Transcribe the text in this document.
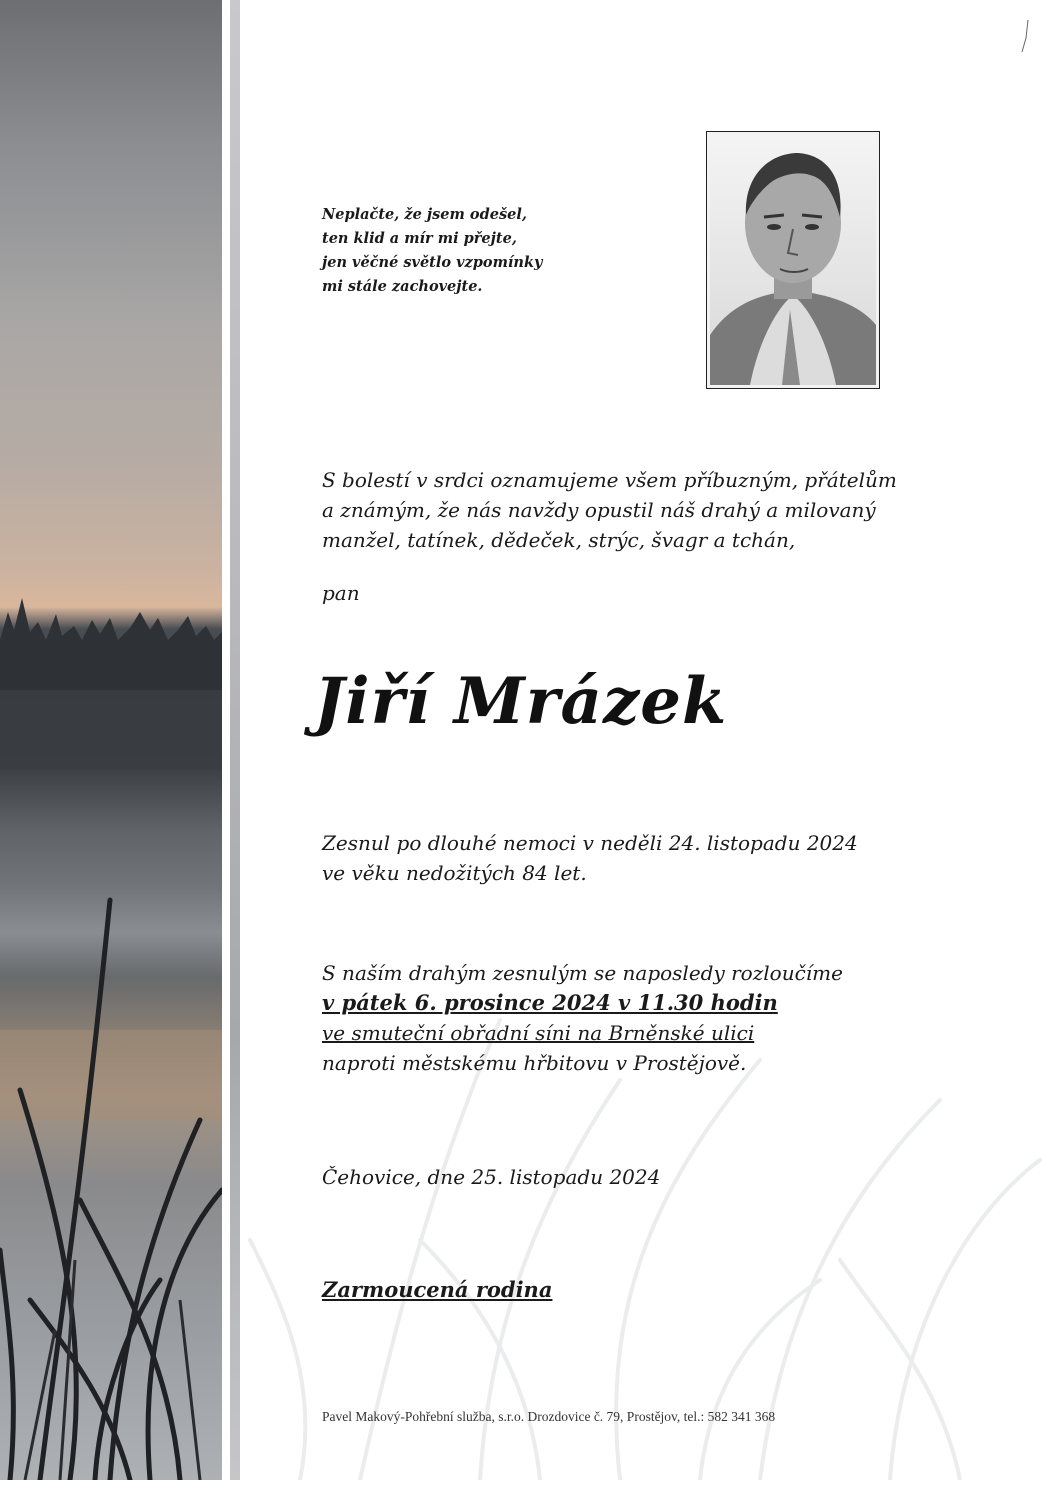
Neplačte, že jsem odešel,
ten klid a mír mi přejte,
jen věčné světlo vzpomínky
mi stále zachovejte.
S bolestí v srdci oznamujeme všem příbuzným, přátelům
a známým, že nás navždy opustil náš drahý a milovaný
manžel, tatínek, dědeček, strýc, švagr a tchán,
pan
Jiří Mrázek
Zesnul po dlouhé nemoci v neděli 24. listopadu 2024
ve věku nedožitých 84 let.
S naším drahým zesnulým se naposledy rozloučíme
v pátek 6. prosince 2024 v 11.30 hodin
ve smuteční obřadní síni na Brněnské ulici
naproti městskému hřbitovu v Prostějově.
Čehovice, dne 25. listopadu 2024
Zarmoucená rodina
Pavel Makový-Pohřební služba, s.r.o. Drozdovice č. 79, Prostějov, tel.: 582 341 368
